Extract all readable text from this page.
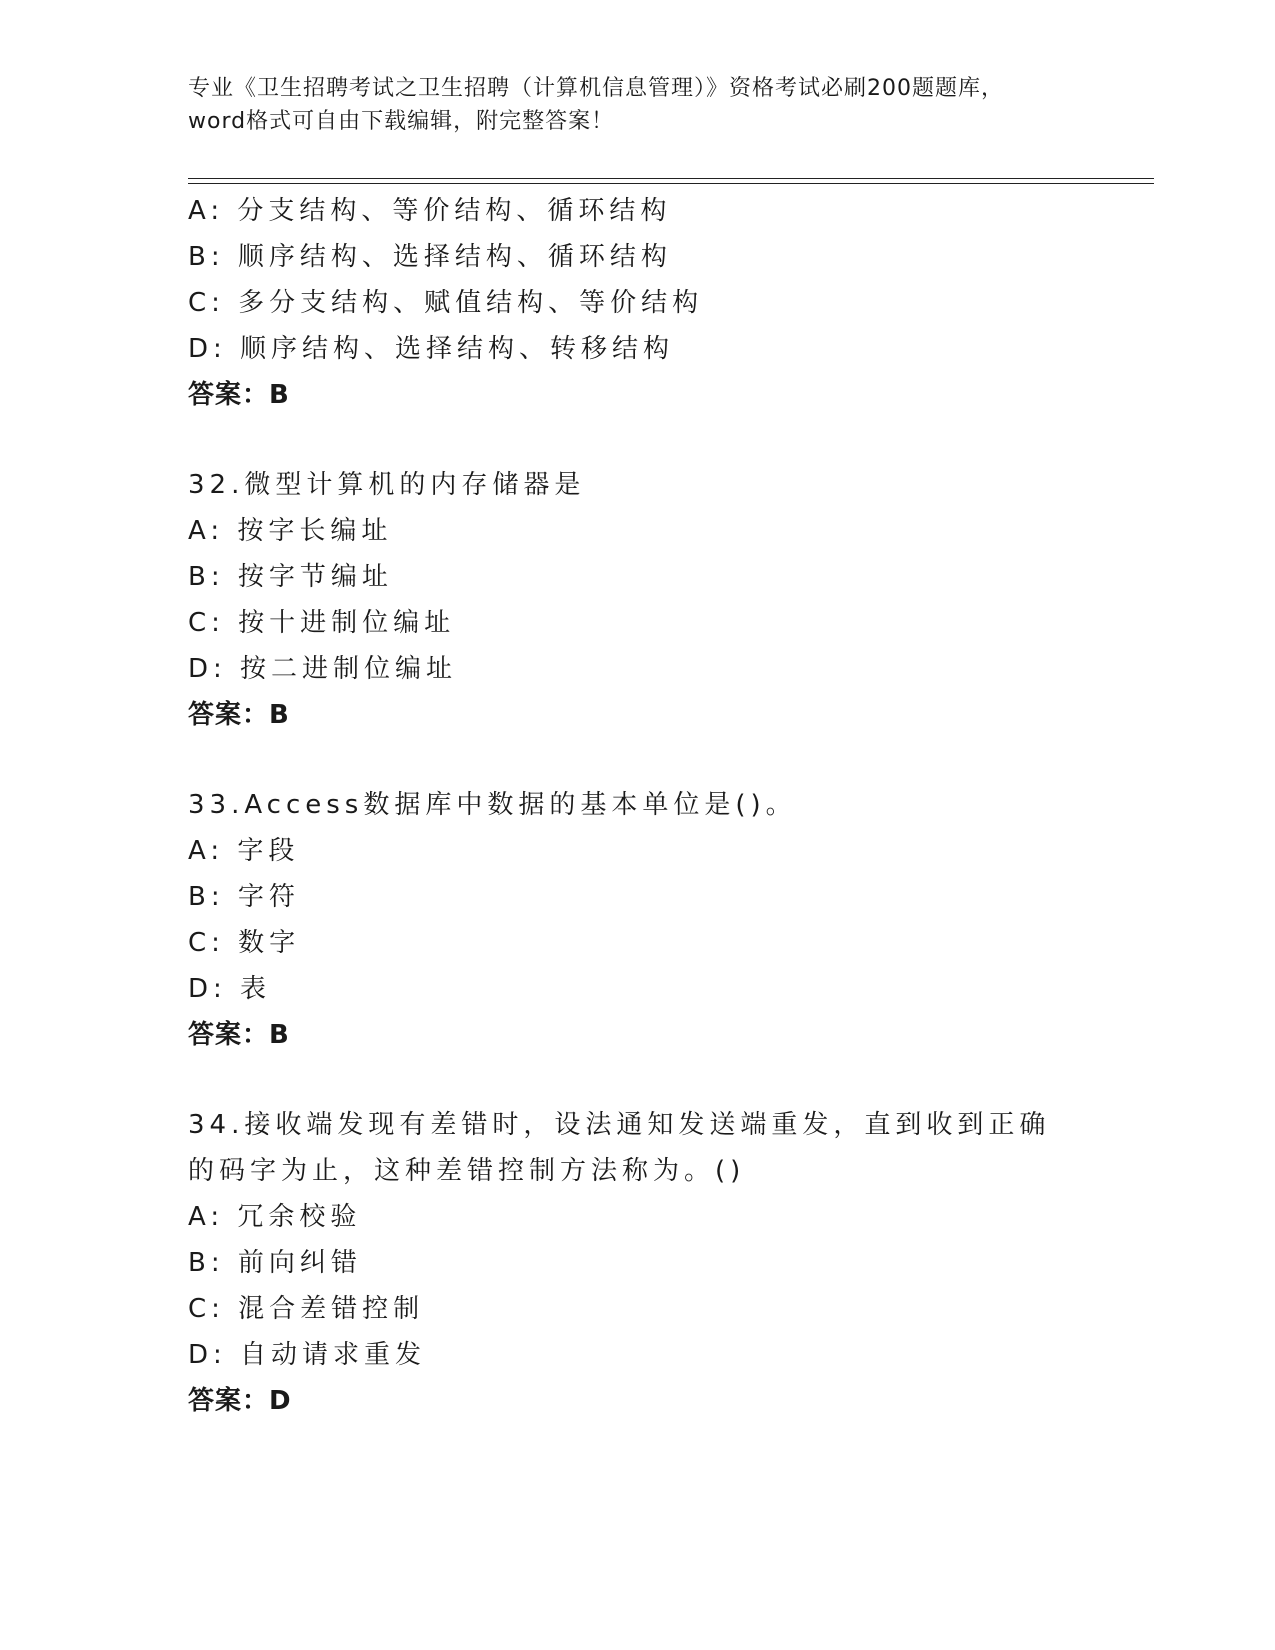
专业《卫生招聘考试之卫生招聘（计算机信息管理）》资格考试必刷200题题库，
word格式可自由下载编辑，附完整答案！
A: 分支结构、等价结构、循环结构
B: 顺序结构、选择结构、循环结构
C: 多分支结构、赋值结构、等价结构
D: 顺序结构、选择结构、转移结构
答案：B
32.微型计算机的内存储器是
A: 按字长编址
B: 按字节编址
C: 按十进制位编址
D: 按二进制位编址
答案：B
33.Access数据库中数据的基本单位是()。
A: 字段
B: 字符
C: 数字
D: 表
答案：B
34.接收端发现有差错时，设法通知发送端重发，直到收到正确的码字为止，这种差错控制方法称为。()
A: 冗余校验
B: 前向纠错
C: 混合差错控制
D: 自动请求重发
答案：D
